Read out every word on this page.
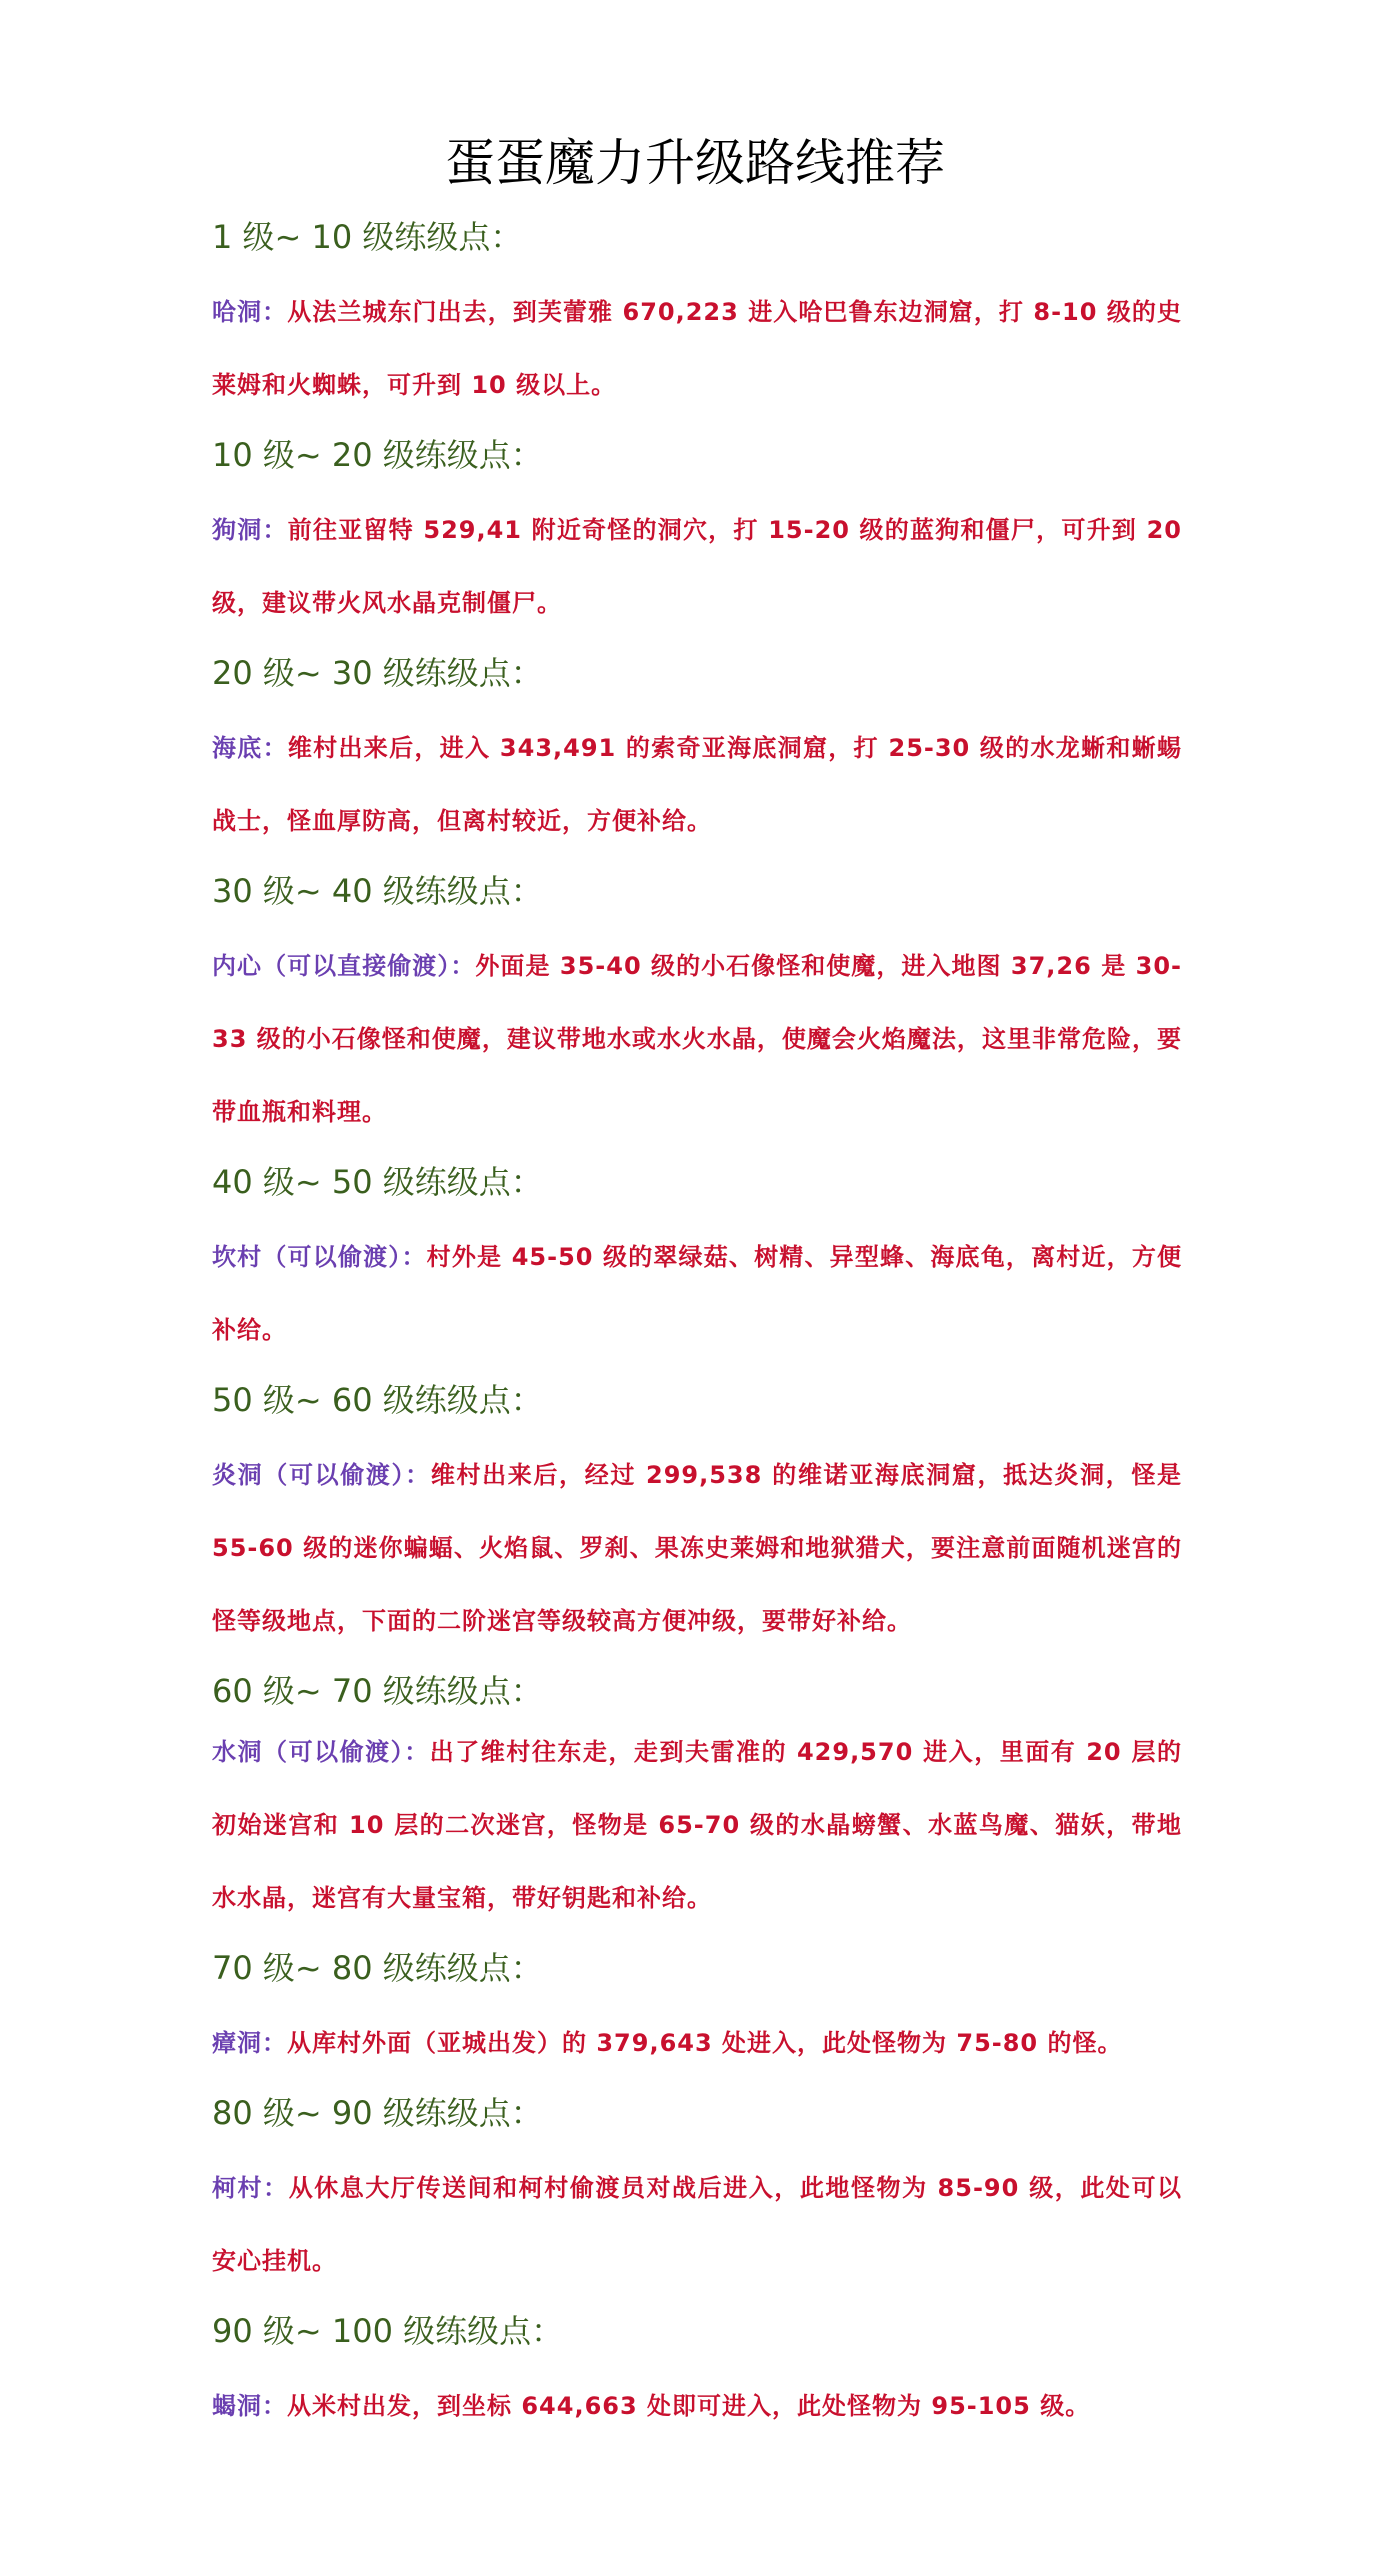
蛋蛋魔力升级路线推荐
1 级~ 10 级练级点：

哈洞：从法兰城东门出去，到芙蕾雅 670,223 进入哈巴鲁东边洞窟，打 8-10 级的史莱姆和火蜘蛛，可升到 10 级以上。

10 级~ 20 级练级点：

狗洞：前往亚留特 529,41 附近奇怪的洞穴，打 15-20 级的蓝狗和僵尸，可升到 20 级，建议带火风水晶克制僵尸。

20 级~ 30 级练级点：

海底：维村出来后，进入 343,491 的索奇亚海底洞窟，打 25-30 级的水龙蜥和蜥蜴战士，怪血厚防高，但离村较近，方便补给。

30 级~ 40 级练级点：

内心（可以直接偷渡）：外面是 35-40 级的小石像怪和使魔，进入地图 37,26 是 30-33 级的小石像怪和使魔，建议带地水或水火水晶，使魔会火焰魔法，这里非常危险，要带血瓶和料理。

40 级~ 50 级练级点：

坎村（可以偷渡）：村外是 45-50 级的翠绿菇、树精、异型蜂、海底龟，离村近，方便补给。

50 级~ 60 级练级点：

炎洞（可以偷渡）：维村出来后，经过 299,538 的维诺亚海底洞窟，抵达炎洞，怪是 55-60 级的迷你蝙蝠、火焰鼠、罗刹、果冻史莱姆和地狱猎犬，要注意前面随机迷宫的怪等级地点，下面的二阶迷宫等级较高方便冲级，要带好补给。

60 级~ 70 级练级点：

水洞（可以偷渡）：出了维村往东走，走到夫雷准的 429,570 进入，里面有 20 层的初始迷宫和 10 层的二次迷宫，怪物是 65-70 级的水晶螃蟹、水蓝鸟魔、猫妖，带地水水晶，迷宫有大量宝箱，带好钥匙和补给。

70 级~ 80 级练级点：

瘴洞：从库村外面（亚城出发）的 379,643 处进入，此处怪物为 75-80 的怪。

80 级~ 90 级练级点：

柯村：从休息大厅传送间和柯村偷渡员对战后进入，此地怪物为 85-90 级，此处可以安心挂机。

90 级~ 100 级练级点：

蝎洞：从米村出发，到坐标 644,663 处即可进入，此处怪物为 95-105 级。
